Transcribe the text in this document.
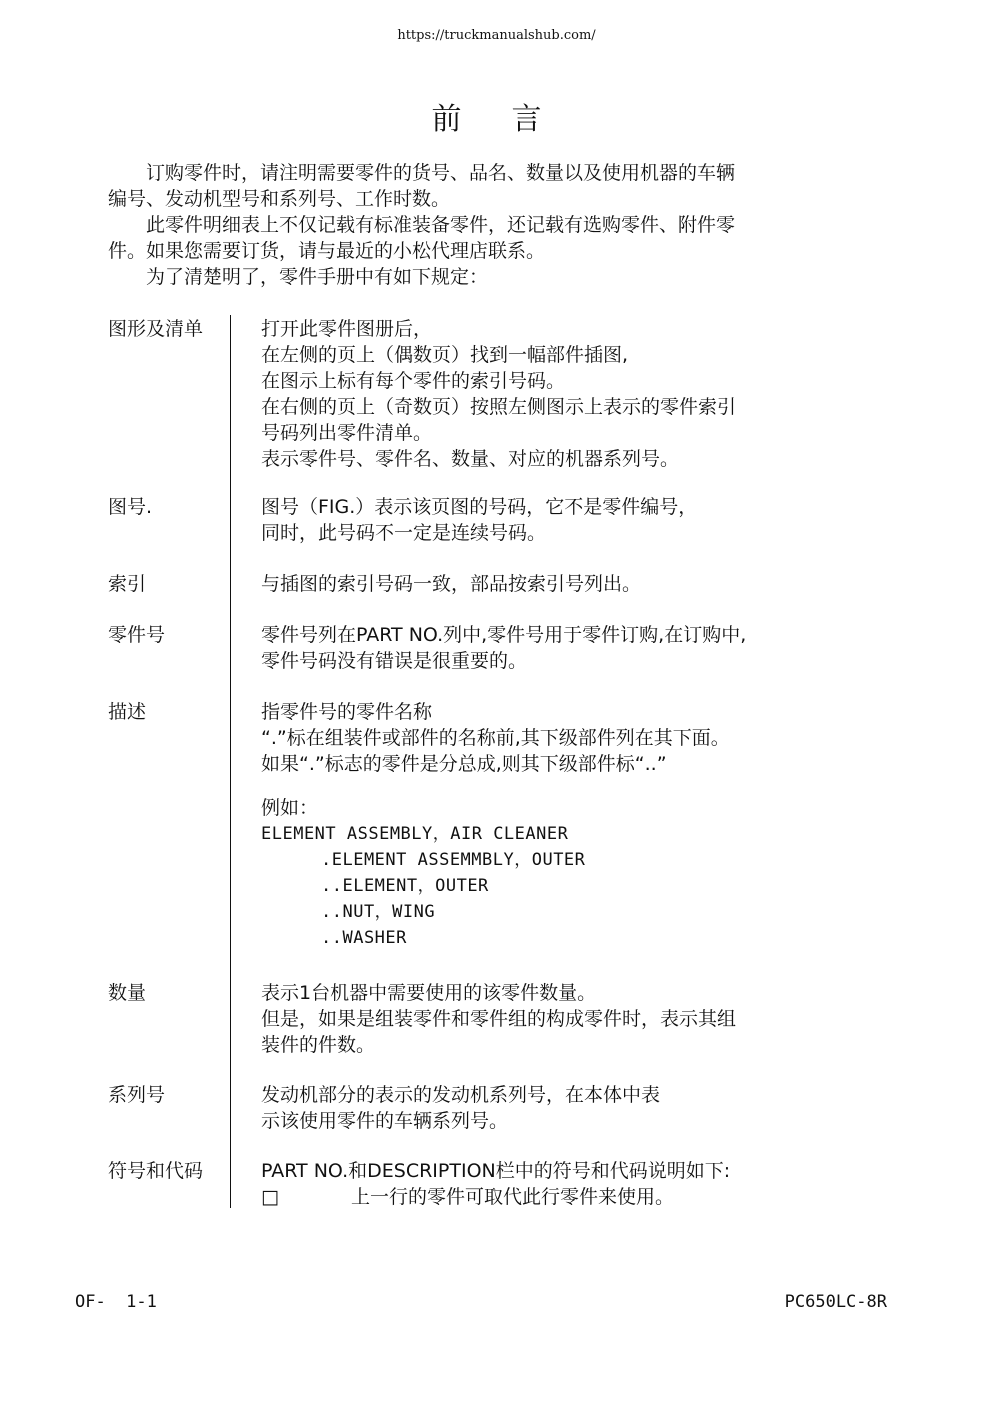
https://truckmanualshub.com/
前言

订购零件时，请注明需要零件的货号、品名、数量以及使用机器的车辆

编号、发动机型号和系列号、工作时数。

此零件明细表上不仅记载有标准装备零件，还记载有选购零件、附件零

件。如果您需要订货，请与最近的小松代理店联系。

为了清楚明了，零件手册中有如下规定：

图形及清单	打开此零件图册后，
在左侧的页上（偶数页）找到一幅部件插图,
在图示上标有每个零件的索引号码。
在右侧的页上（奇数页）按照左侧图示上表示的零件索引
号码列出零件清单。
表示零件号、零件名、数量、对应的机器系列号。
图号.	图号（FIG.）表示该页图的号码，它不是零件编号，
同时，此号码不一定是连续号码。
索引	与插图的索引号码一致，部品按索引号列出。
零件号	零件号列在PART NO.列中,零件号用于零件订购,在订购中,
零件号码没有错误是很重要的。
描述	指零件号的零件名称
“.”标在组装件或部件的名称前,其下级部件列在其下面。
如果“.”标志的零件是分总成,则其下级部件标“..”
例如：
ELEMENT ASSEMBLY，AIR CLEANER
.ELEMENT ASSEMMBLY，OUTER
..ELEMENT，OUTER
..NUT，WING
..WASHER
数量	表示1台机器中需要使用的该零件数量。
但是，如果是组装零件和零件组的构成零件时，表示其组
装件的件数。
系列号	发动机部分的表示的发动机系列号，在本体中表
示该使用零件的车辆系列号。
符号和代码	PART NO.和DESCRIPTION栏中的符号和代码说明如下:
□	上一行的零件可取代此行零件来使用。
OF-  1-1	PC650LC-8R
